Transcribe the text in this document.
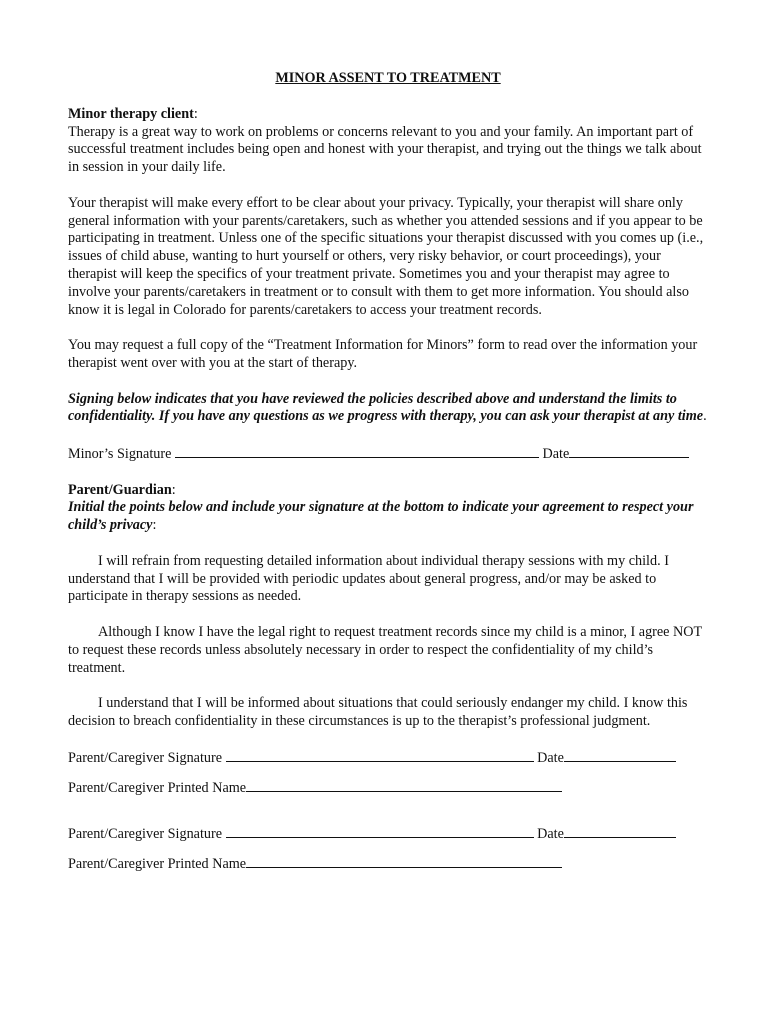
MINOR ASSENT TO TREATMENT

Minor therapy client:

Therapy is a great way to work on problems or concerns relevant to you and your family. An important part of successful treatment includes being open and honest with your therapist, and trying out the things we talk about in session in your daily life.

Your therapist will make every effort to be clear about your privacy. Typically, your therapist will share only general information with your parents/caretakers, such as whether you attended sessions and if you appear to be participating in treatment. Unless one of the specific situations your therapist discussed with you comes up (i.e., issues of child abuse, wanting to hurt yourself or others, very risky behavior, or court proceedings), your therapist will keep the specifics of your treatment private. Sometimes you and your therapist may agree to involve your parents/caretakers in treatment or to consult with them to get more information. You should also know it is legal in Colorado for parents/caretakers to access your treatment records.

You may request a full copy of the “Treatment Information for Minors” form to read over the information your therapist went over with you at the start of therapy.

Signing below indicates that you have reviewed the policies described above and understand the limits to confidentiality. If you have any questions as we progress with therapy, you can ask your therapist at any time.

Minor’s Signature	Date

Parent/Guardian:

Initial the points below and include your signature at the bottom to indicate your agreement to respect your child’s privacy:

I will refrain from requesting detailed information about individual therapy sessions with my child. I understand that I will be provided with periodic updates about general progress, and/or may be asked to participate in therapy sessions as needed.

Although I know I have the legal right to request treatment records since my child is a minor, I agree NOT to request these records unless absolutely necessary in order to respect the confidentiality of my child’s treatment.

I understand that I will be informed about situations that could seriously endanger my child. I know this decision to breach confidentiality in these circumstances is up to the therapist’s professional judgment.

Parent/Caregiver Signature	Date

Parent/Caregiver Printed Name

Parent/Caregiver Signature	Date

Parent/Caregiver Printed Name
